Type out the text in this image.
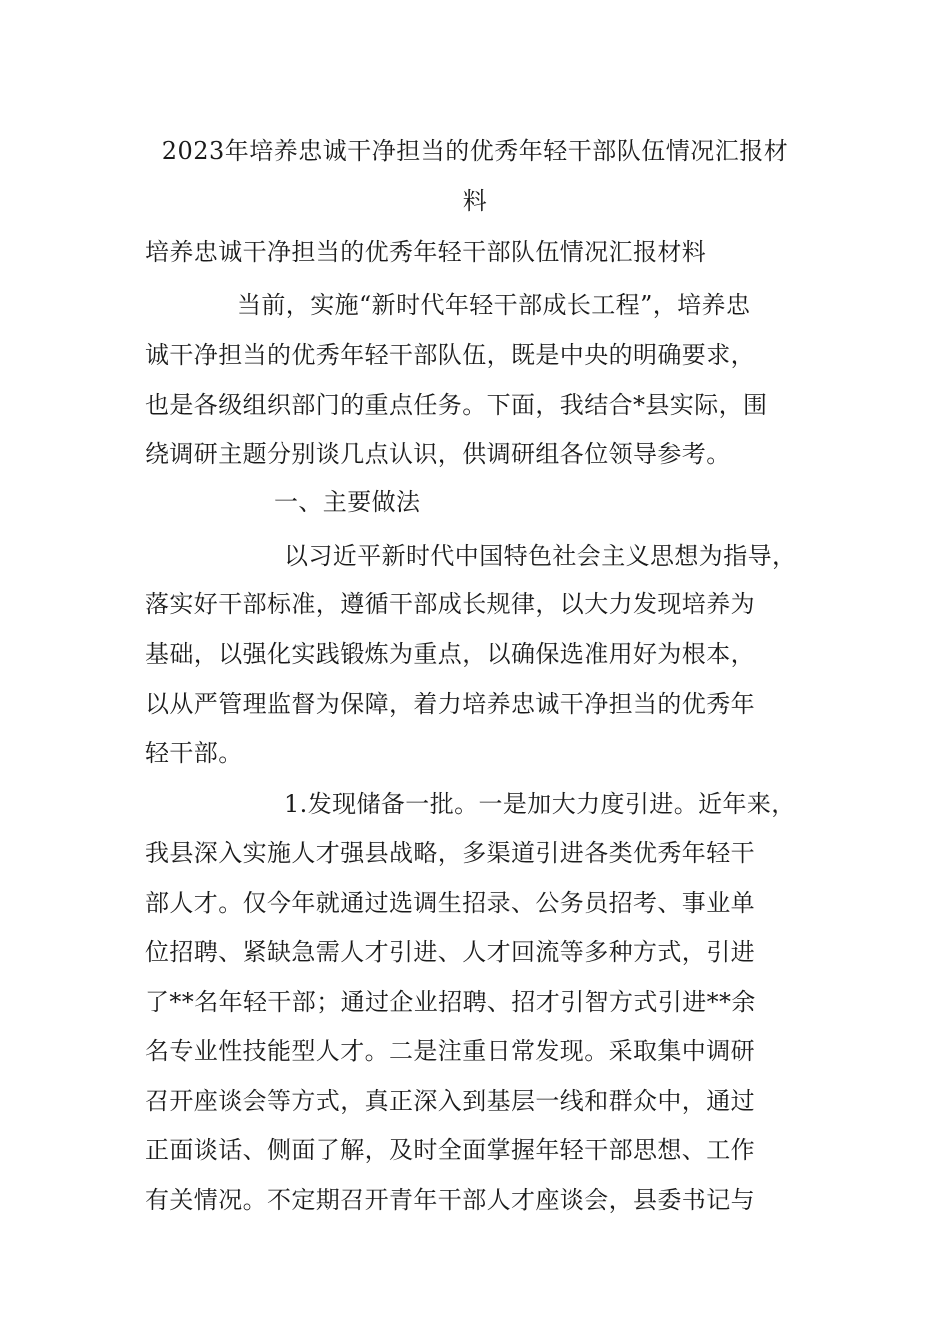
2023年培养忠诚干净担当的优秀年轻干部队伍情况汇报材
料
培养忠诚干净担当的优秀年轻干部队伍情况汇报材料
当前，实施“新时代年轻干部成长工程”，培养忠
诚干净担当的优秀年轻干部队伍，既是中央的明确要求，
也是各级组织部门的重点任务。下面，我结合*县实际，围
绕调研主题分别谈几点认识，供调研组各位领导参考。
一、主要做法
以习近平新时代中国特色社会主义思想为指导，
落实好干部标准，遵循干部成长规律，以大力发现培养为
基础，以强化实践锻炼为重点，以确保选准用好为根本，
以从严管理监督为保障，着力培养忠诚干净担当的优秀年
轻干部。
1.发现储备一批。一是加大力度引进。近年来，
我县深入实施人才强县战略，多渠道引进各类优秀年轻干
部人才。仅今年就通过选调生招录、公务员招考、事业单
位招聘、紧缺急需人才引进、人才回流等多种方式，引进
了**名年轻干部；通过企业招聘、招才引智方式引进**余
名专业性技能型人才。二是注重日常发现。采取集中调研
召开座谈会等方式，真正深入到基层一线和群众中，通过
正面谈话、侧面了解，及时全面掌握年轻干部思想、工作
有关情况。不定期召开青年干部人才座谈会，县委书记与
